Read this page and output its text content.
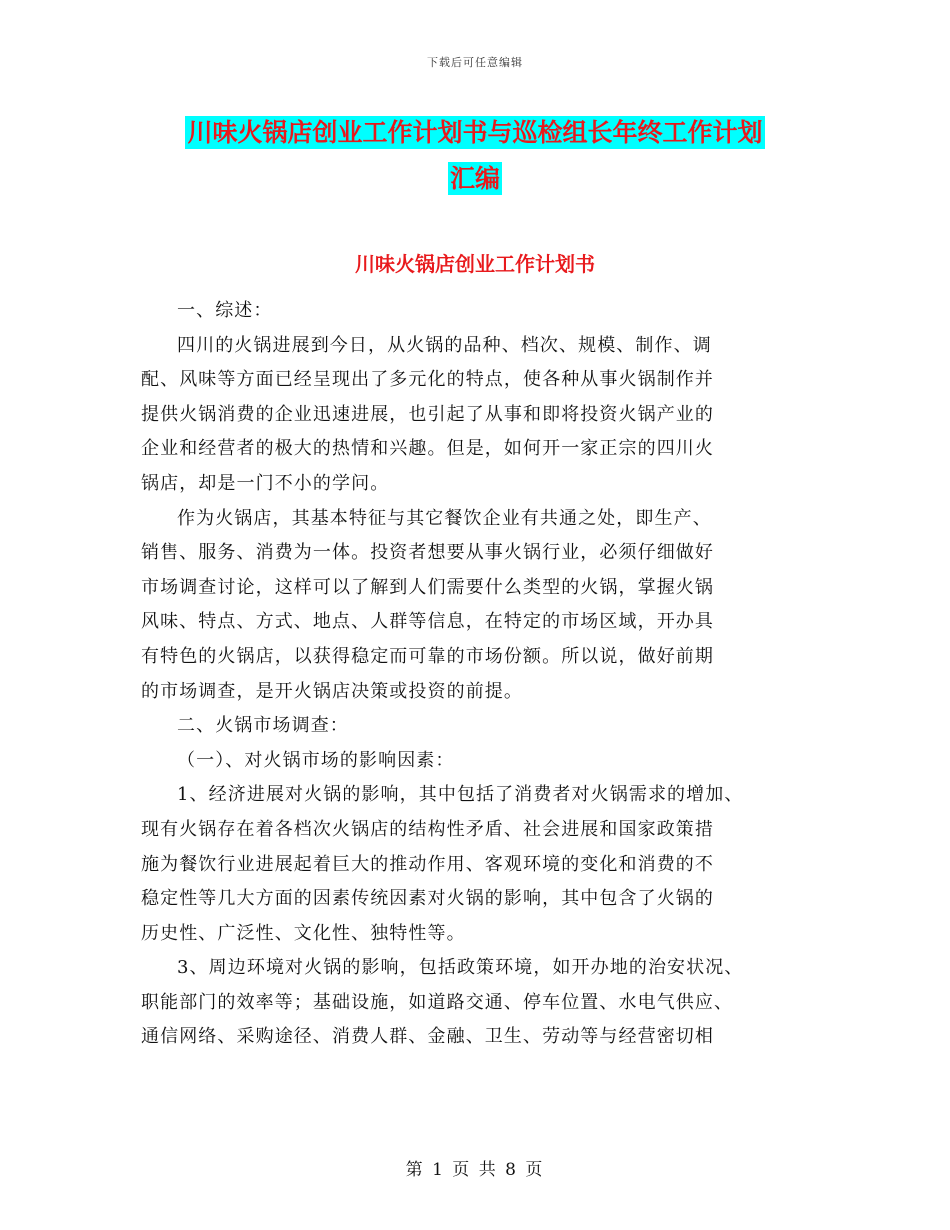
下载后可任意编辑
川味火锅店创业工作计划书与巡检组长年终工作计划
汇编
川味火锅店创业工作计划书

一、综述：

四川的火锅进展到今日，从火锅的品种、档次、规模、制作、调
配、风味等方面已经呈现出了多元化的特点，使各种从事火锅制作并
提供火锅消费的企业迅速进展，也引起了从事和即将投资火锅产业的
企业和经营者的极大的热情和兴趣。但是，如何开一家正宗的四川火
锅店，却是一门不小的学问。

作为火锅店，其基本特征与其它餐饮企业有共通之处，即生产、
销售、服务、消费为一体。投资者想要从事火锅行业，必须仔细做好
市场调查讨论，这样可以了解到人们需要什么类型的火锅，掌握火锅
风味、特点、方式、地点、人群等信息，在特定的市场区域，开办具
有特色的火锅店，以获得稳定而可靠的市场份额。所以说，做好前期
的市场调查，是开火锅店决策或投资的前提。

二、火锅市场调查：

（一）、对火锅市场的影响因素：

1、经济进展对火锅的影响，其中包括了消费者对火锅需求的增加、
现有火锅存在着各档次火锅店的结构性矛盾、社会进展和国家政策措
施为餐饮行业进展起着巨大的推动作用、客观环境的变化和消费的不
稳定性等几大方面的因素传统因素对火锅的影响，其中包含了火锅的
历史性、广泛性、文化性、独特性等。

3、周边环境对火锅的影响，包括政策环境，如开办地的治安状况、
职能部门的效率等；基础设施，如道路交通、停车位置、水电气供应、
通信网络、采购途径、消费人群、金融、卫生、劳动等与经营密切相

第 1 页 共 8 页
